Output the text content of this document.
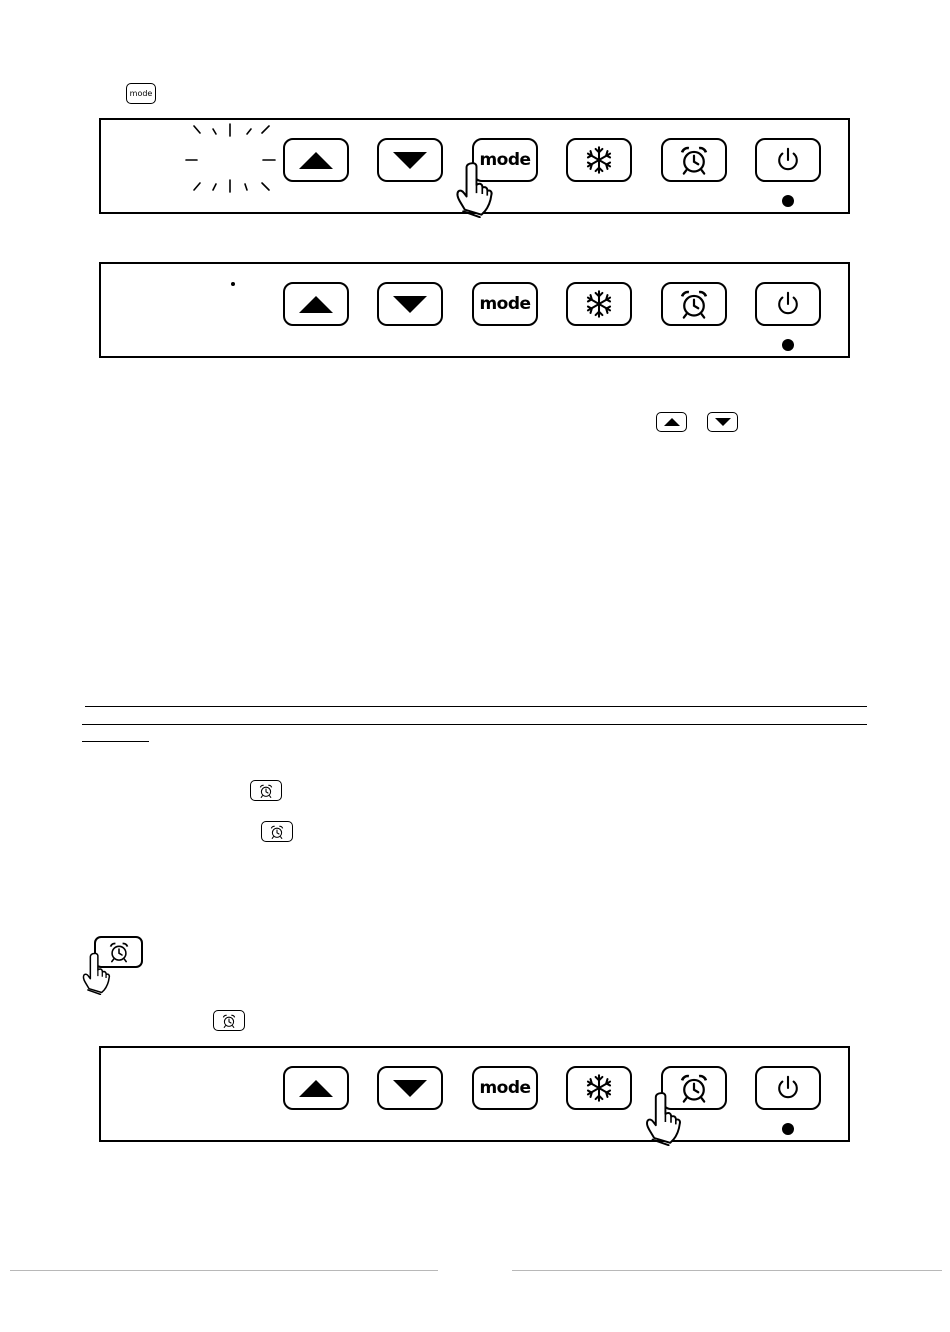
mode
mode
mode
mode
